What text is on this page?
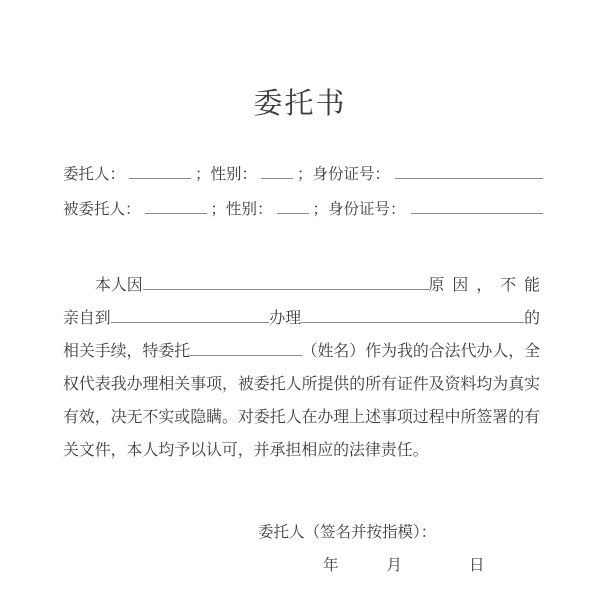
委托书
委托人：	；性别：	；身份证号：
被委托人：	；性别：	；身份证号：
本人因	原因，不能
亲自到	办理	的
相关手续，特委托	（姓名）作为我的合法代办人，全
权代表我办理相关事项，被委托人所提供的所有证件及资料均为真实
有效，决无不实或隐瞒。对委托人在办理上述事项过程中所签署的有
关文件，本人均予以认可，并承担相应的法律责任。
委托人（签名并按指模）：
年	月	日
